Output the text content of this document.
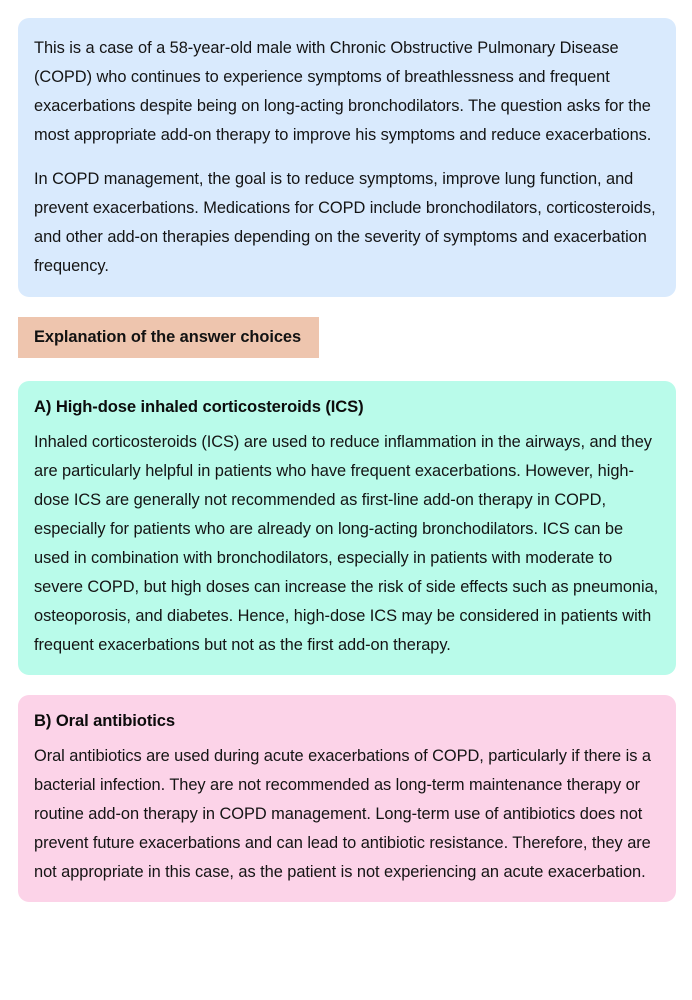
This is a case of a 58-year-old male with Chronic Obstructive Pulmonary Disease (COPD) who continues to experience symptoms of breathlessness and frequent exacerbations despite being on long-acting bronchodilators. The question asks for the most appropriate add-on therapy to improve his symptoms and reduce exacerbations.

In COPD management, the goal is to reduce symptoms, improve lung function, and prevent exacerbations. Medications for COPD include bronchodilators, corticosteroids, and other add-on therapies depending on the severity of symptoms and exacerbation frequency.

Explanation of the answer choices
A) High-dose inhaled corticosteroids (ICS)

Inhaled corticosteroids (ICS) are used to reduce inflammation in the airways, and they are particularly helpful in patients who have frequent exacerbations. However, high-dose ICS are generally not recommended as first-line add-on therapy in COPD, especially for patients who are already on long-acting bronchodilators. ICS can be used in combination with bronchodilators, especially in patients with moderate to severe COPD, but high doses can increase the risk of side effects such as pneumonia, osteoporosis, and diabetes. Hence, high-dose ICS may be considered in patients with frequent exacerbations but not as the first add-on therapy.

B) Oral antibiotics

Oral antibiotics are used during acute exacerbations of COPD, particularly if there is a bacterial infection. They are not recommended as long-term maintenance therapy or routine add-on therapy in COPD management. Long-term use of antibiotics does not prevent future exacerbations and can lead to antibiotic resistance. Therefore, they are not appropriate in this case, as the patient is not experiencing an acute exacerbation.
